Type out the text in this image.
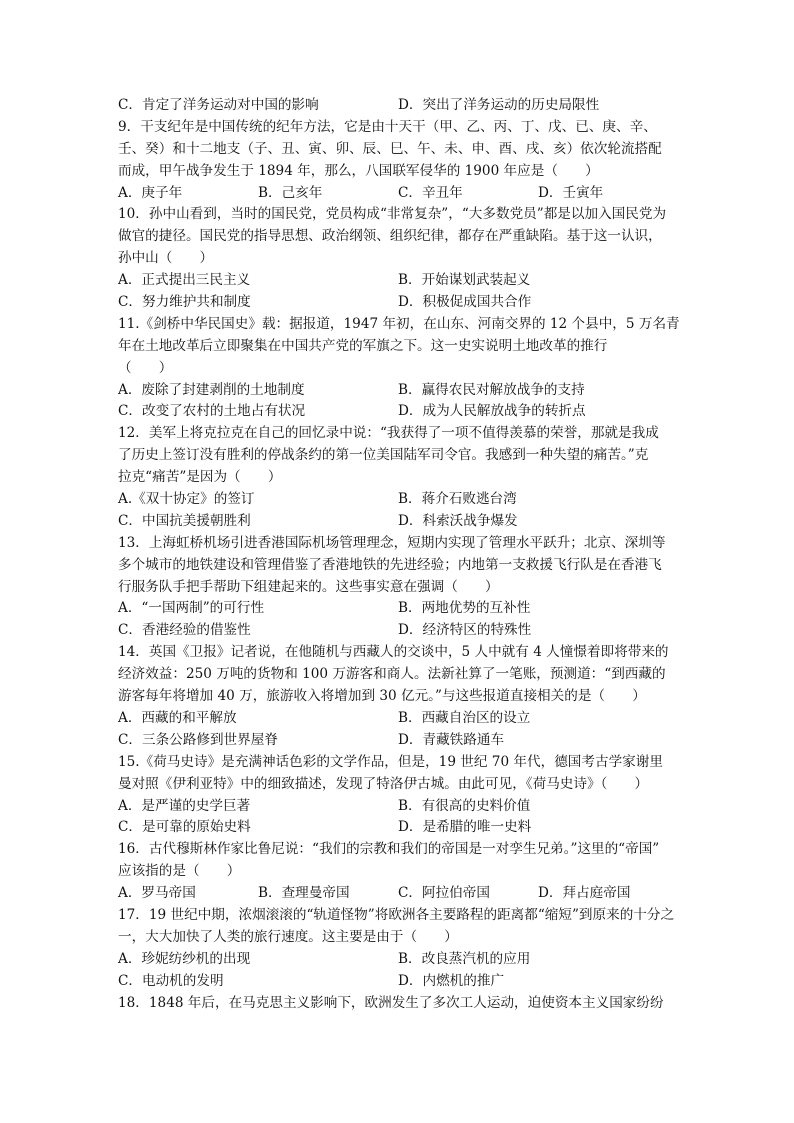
C．肯定了洋务运动对中国的影响	D．突出了洋务运动的历史局限性
9．干支纪年是中国传统的纪年方法，它是由十天干（甲、乙、丙、丁、戊、已、庚、辛、
壬、癸）和十二地支（子、丑、寅、卯、辰、巳、午、未、申、酉、戌、亥）依次轮流搭配
而成，甲午战争发生于 1894 年，那么，八国联军侵华的 1900 年应是（　　）
A．庚子年	B．己亥年	C．辛丑年	D．壬寅年
10．孙中山看到，当时的国民党，党员构成“非常复杂”，“大多数党员”都是以加入国民党为
做官的捷径。国民党的指导思想、政治纲领、组织纪律，都存在严重缺陷。基于这一认识，
孙中山（　　）
A．正式提出三民主义	B．开始谋划武装起义
C．努力维护共和制度	D．积极促成国共合作
11.《剑桥中华民国史》载：据报道，1947 年初，在山东、河南交界的 12 个县中，5 万名青
年在土地改革后立即聚集在中国共产党的军旗之下。这一史实说明土地改革的推行
（　　）
A．废除了封建剥削的土地制度	B．赢得农民对解放战争的支持
C．改变了农村的土地占有状况	D．成为人民解放战争的转折点
12．美军上将克拉克在自己的回忆录中说：“我获得了一项不值得羡慕的荣誉，那就是我成
了历史上签订没有胜利的停战条约的第一位美国陆军司令官。我感到一种失望的痛苦。”克
拉克“痛苦”是因为（　　）
A.《双十协定》的签订	B．蒋介石败逃台湾
C．中国抗美援朝胜利	D．科索沃战争爆发
13．上海虹桥机场引进香港国际机场管理理念，短期内实现了管理水平跃升；北京、深圳等
多个城市的地铁建设和管理借鉴了香港地铁的先进经验；内地第一支救援飞行队是在香港飞
行服务队手把手帮助下组建起来的。这些事实意在强调（　　）
A．“一国两制”的可行性	B．两地优势的互补性
C．香港经验的借鉴性	D．经济特区的特殊性
14．英国《卫报》记者说，在他随机与西藏人的交谈中，5 人中就有 4 人憧憬着即将带来的
经济效益：250 万吨的货物和 100 万游客和商人。法新社算了一笔账，预测道：“到西藏的
游客每年将增加 40 万，旅游收入将增加到 30 亿元。”与这些报道直接相关的是（　　）
A．西藏的和平解放	B．西藏自治区的设立
C．三条公路修到世界屋脊	D．青藏铁路通车
15.《荷马史诗》是充满神话色彩的文学作品，但是，19 世纪 70 年代，德国考古学家谢里
曼对照《伊利亚特》中的细致描述，发现了特洛伊古城。由此可见，《荷马史诗》（　　）
A．是严谨的史学巨著	B．有很高的史料价值
C．是可靠的原始史料	D．是希腊的唯一史料
16．古代穆斯林作家比鲁尼说：“我们的宗教和我们的帝国是一对孪生兄弟。”这里的“帝国”
应该指的是（　　）
A．罗马帝国	B．查理曼帝国	C．阿拉伯帝国	D．拜占庭帝国
17．19 世纪中期，浓烟滚滚的“轨道怪物”将欧洲各主要路程的距离都“缩短”到原来的十分之
一，大大加快了人类的旅行速度。这主要是由于（　　）
A．珍妮纺纱机的出现	B．改良蒸汽机的应用
C．电动机的发明	D．内燃机的推广
18．1848 年后，在马克思主义影响下，欧洲发生了多次工人运动，迫使资本主义国家纷纷
